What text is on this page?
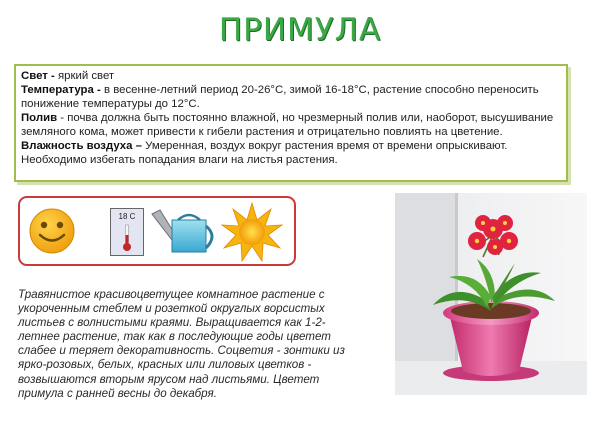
ПРИМУЛА

Свет - яркий свет

Температура - в весенне-летний период 20-26°С, зимой 16-18°С, растение способно переносить понижение температуры до 12°С.

Полив - почва должна быть постоянно влажной, но чрезмерный полив или, наоборот, высушивание земляного кома, может привести к гибели растения и отрицательно повлиять на цветение.

Влажность воздуха – Умеренная, воздух вокруг растения время от времени опрыскивают. Необходимо избегать попадания влаги на листья растения.

18 C
Травянистое красивоцветущее комнатное растение с укороченным стеблем и розеткой округлых ворсистых листьев с волнистыми краями. Выращивается как 1-2-летнее растение, так как в последующие годы цветет слабее и теряет декоративность. Соцветия - зонтики из ярко-розовых, белых, красных или лиловых цветков - возвышаются вторым ярусом над листьями. Цветет примула с ранней весны до декабря.
